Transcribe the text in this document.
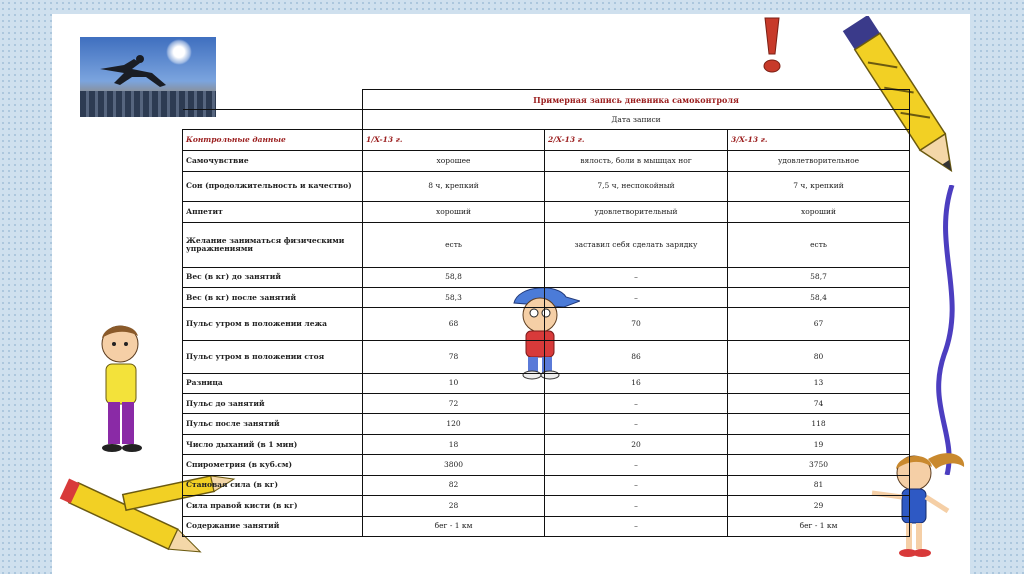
	Примерная запись дневника самоконтроля		
	Дата записи		
Контрольные данные	1/X-13 г.	2/X-13 г.	3/X-13 г.
Самочувствие	хорошее	вялость, боли в мышцах ног	удовлетворительное
Сон (продолжительность и качество)	8 ч, крепкий	7,5 ч, неспокойный	7 ч, крепкий
Аппетит	хороший	удовлетворительный	хороший
Желание заниматься физическими упражнениями	есть	заставил себя сделать зарядку	есть
Вес (в кг) до занятий	58,8	–	58,7
Вес (в кг) после занятий	58,3	–	58,4
Пульс утром в положении лежа	68	70	67
Пульс утром в положении стоя	78	86	80
Разница	10	16	13
Пульс до занятий	72	–	74
Пульс после занятий	120	–	118
Число дыханий (в 1 мин)	18	20	19
Спирометрия (в куб.см)	3800	–	3750
Становая сила (в кг)	82	–	81
Сила правой кисти (в кг)	28	–	29
Содержание занятий	бег - 1 км	–	бег - 1 км
